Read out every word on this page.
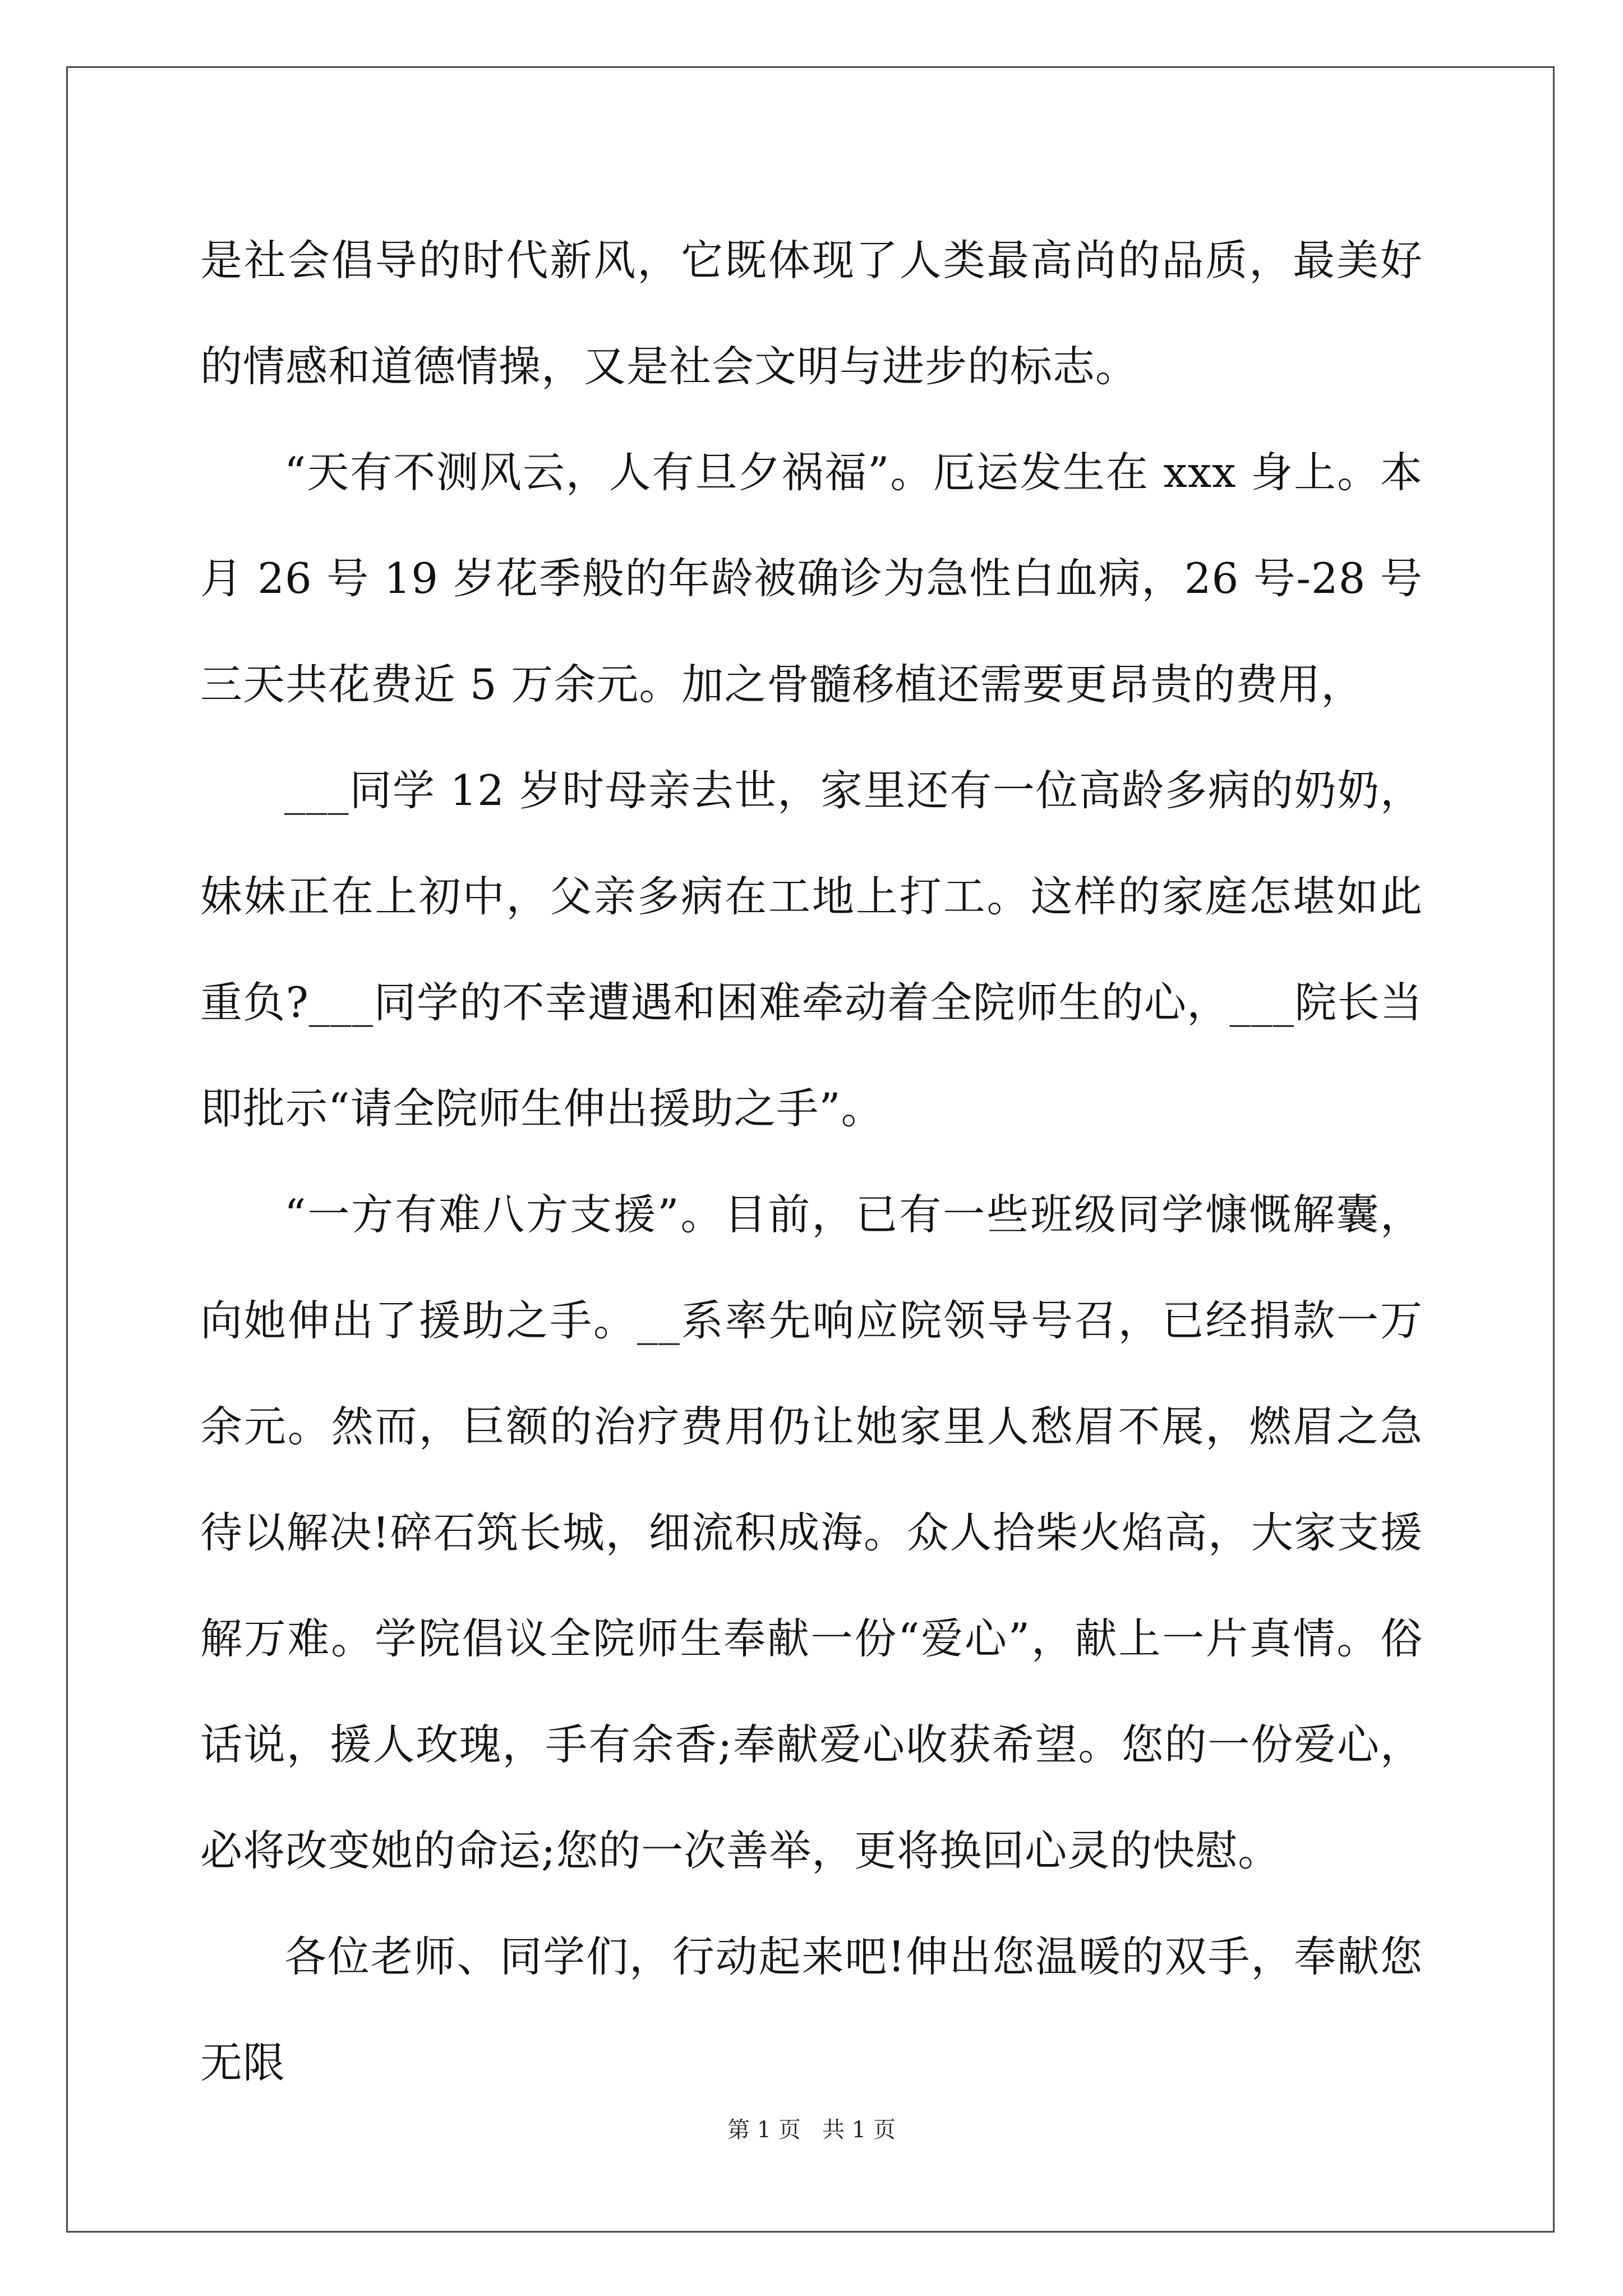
是社会倡导的时代新风，它既体现了人类最高尚的品质，最美好的情感和道德情操，又是社会文明与进步的标志。

“天有不测风云，人有旦夕祸福”。厄运发生在 xxx 身上。本月 26 号 19 岁花季般的年龄被确诊为急性白血病，26 号-28 号三天共花费近 5 万余元。加之骨髓移植还需要更昂贵的费用，

___同学 12 岁时母亲去世，家里还有一位高龄多病的奶奶，妹妹正在上初中，父亲多病在工地上打工。这样的家庭怎堪如此重负?___同学的不幸遭遇和困难牵动着全院师生的心，___院长当即批示“请全院师生伸出援助之手”。

“一方有难八方支援”。目前，已有一些班级同学慷慨解囊，向她伸出了援助之手。__系率先响应院领导号召，已经捐款一万余元。然而，巨额的治疗费用仍让她家里人愁眉不展，燃眉之急待以解决!碎石筑长城，细流积成海。众人拾柴火焰高，大家支援解万难。学院倡议全院师生奉献一份“爱心”，献上一片真情。俗话说，援人玫瑰，手有余香;奉献爱心收获希望。您的一份爱心，必将改变她的命运;您的一次善举，更将换回心灵的快慰。

各位老师、同学们，行动起来吧!伸出您温暖的双手，奉献您无限

第 1 页   共 1 页
